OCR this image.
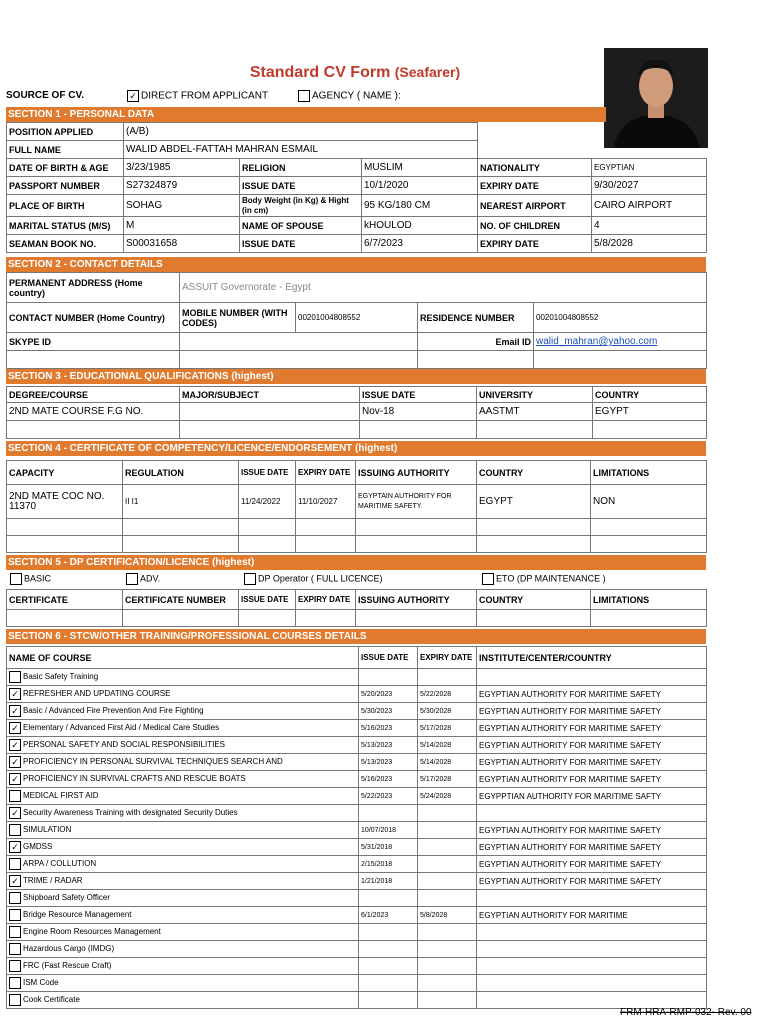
Standard CV Form (Seafarer)
SOURCE OF CV.	✓ DIRECT FROM APPLICANT	AGENCY ( NAME ):
SECTION 1 - PERSONAL DATA
POSITION APPLIED	(A/B)				
FULL NAME	WALID ABDEL-FATTAH MAHRAN ESMAIL				
DATE OF BIRTH & AGE	3/23/1985	RELIGION	MUSLIM	NATIONALITY	EGYPTIAN
PASSPORT NUMBER	S27324879	ISSUE DATE	10/1/2020	EXPIRY DATE	9/30/2027
PLACE OF BIRTH	SOHAG	Body Weight (in Kg) & Hight (in cm)	95 KG/180 CM	NEAREST AIRPORT	CAIRO AIRPORT
MARITAL STATUS (M/S)	M	NAME OF SPOUSE	kHOULOD	NO. OF CHILDREN	4
SEAMAN BOOK NO.	S00031658	ISSUE DATE	6/7/2023	EXPIRY DATE	5/8/2028
SECTION 2 - CONTACT DETAILS
PERMANENT ADDRESS (Home country)	ASSUIT Governorate - Egypt			
CONTACT NUMBER (Home Country)	MOBILE NUMBER (WITH CODES)	00201004808552	RESIDENCE NUMBER	00201004808552
SKYPE ID			Email ID	walid_mahran@yahoo.com

SECTION 3 - EDUCATIONAL QUALIFICATIONS (highest)
DEGREE/COURSE	MAJOR/SUBJECT	ISSUE DATE	UNIVERSITY	COUNTRY
2ND MATE COURSE F.G NO.		Nov-18	AASTMT	EGYPT

SECTION 4 - CERTIFICATE OF COMPETENCY/LICENCE/ENDORSEMENT (highest)
CAPACITY	REGULATION	ISSUE DATE	EXPIRY DATE	ISSUING AUTHORITY	COUNTRY	LIMITATIONS
2ND MATE COC NO. 11370	II I1	11/24/2022	11/10/2027	EGYPTAIN AUTHORITY FOR MARITIME SAFETY.	EGYPT	NON

SECTION 5 - DP CERTIFICATION/LICENCE (highest)
BASIC	ADV.	DP Operator ( FULL LICENCE)	ETO (DP MAINTENANCE )
CERTIFICATE	CERTIFICATE NUMBER	ISSUE DATE	EXPIRY DATE	ISSUING AUTHORITY	COUNTRY	LIMITATIONS

SECTION 6 - STCW/OTHER TRAINING/PROFESSIONAL COURSES DETAILS
NAME OF COURSE	ISSUE DATE	EXPIRY DATE	INSTITUTE/CENTER/COUNTRY
Basic Safety Training			
✓ REFRESHER AND UPDATING COURSE	5/20/2023	5/22/2028	EGYPTIAN AUTHORITY FOR MARITIME SAFETY
✓ Basic / Advanced Fire Prevention And Fire Fighting	5/30/2023	5/30/2028	EGYPTIAN AUTHORITY FOR MARITIME SAFETY
✓ Elementary / Advanced First Aid / Medical Care Studies	5/16/2023	5/17/2028	EGYPTIAN AUTHORITY FOR MARITIME SAFETY
✓ PERSONAL SAFETY AND SOCIAL RESPONSIBILITIES	5/13/2023	5/14/2028	EGYPTIAN AUTHORITY FOR MARITIME SAFETY
✓ PROFICIENCY IN PERSONAL SURVIVAL TECHNIQUES SEARCH AND	5/13/2023	5/14/2028	EGYPTIAN AUTHORITY FOR MARITIME SAFETY
✓ PROFICIENCY IN SURVIVAL CRAFTS AND RESCUE BOATS	5/16/2023	5/17/2028	EGYPTIAN AUTHORITY FOR MARITIME SAFETY
MEDICAL FIRST AID	5/22/2023	5/24/2028	EGYPPTIAN AUTHORITY FOR MARITIME SAFTY
✓ Security Awareness Training with designated Security Duties			
SIMULATION	10/07/2018		EGYPTIAN AUTHORITY FOR MARITIME SAFETY
✓ GMDSS	5/31/2018		EGYPTIAN AUTHORITY FOR MARITIME SAFETY
ARPA / COLLUTION	2/15/2018		EGYPTIAN AUTHORITY FOR MARITIME SAFETY
✓ TRIME / RADAR	1/21/2018		EGYPTIAN AUTHORITY FOR MARITIME SAFETY
Shipboard Safety Officer			
Bridge Resource Management	6/1/2023	5/8/2028	EGYPTIAN AUTHORITY FOR MARITIME
Engine Room Resources Management			
Hazardous Cargo (IMDG)			
FRC (Fast Rescue Craft)			
ISM Code			
Cook Certificate			
FRM-HRA-RMP-032- Rev. 00
